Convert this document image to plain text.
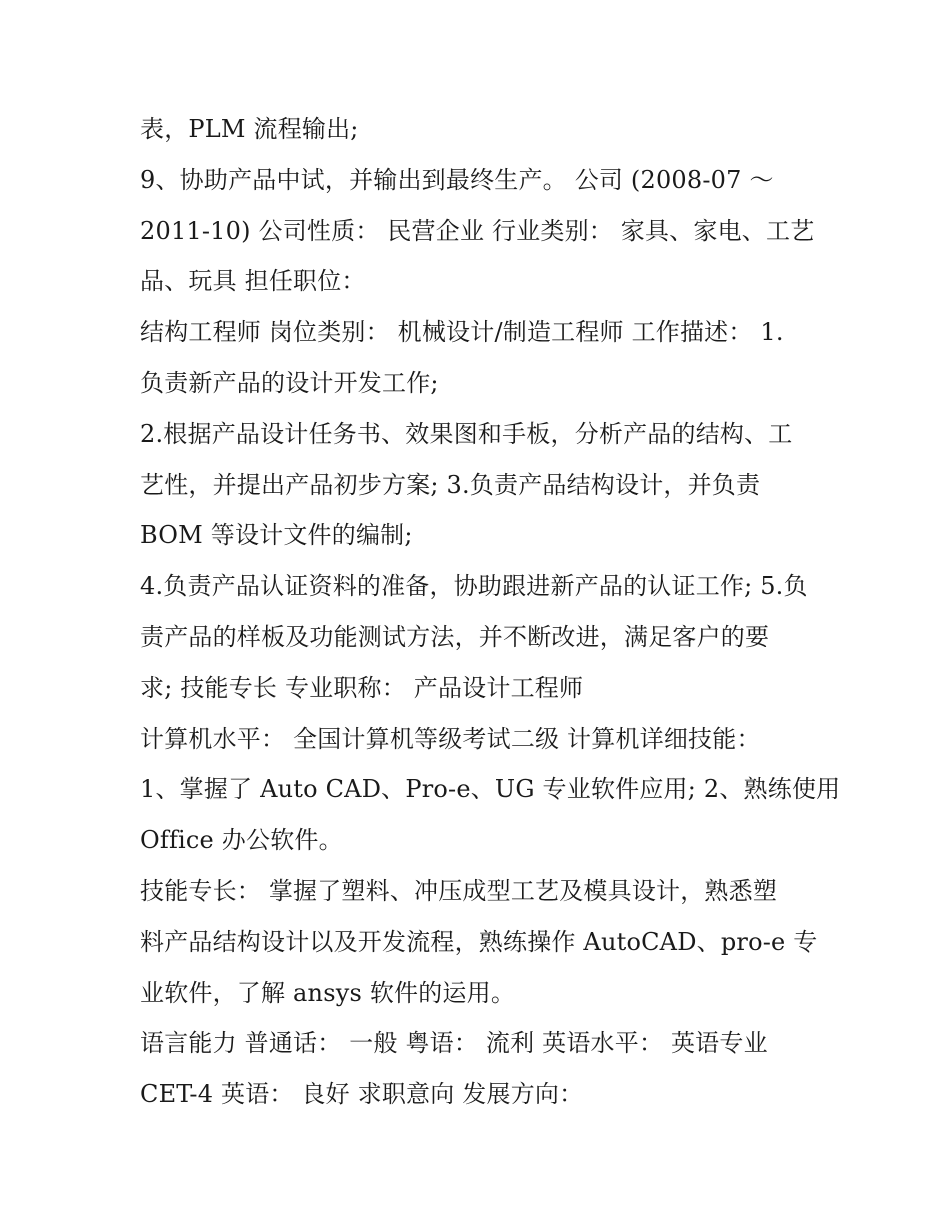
表，PLM 流程输出;
9、协助产品中试，并输出到最终生产。 公司 (2008-07 ～
2011-10) 公司性质： 民营企业 行业类别： 家具、家电、工艺
品、玩具 担任职位：
结构工程师 岗位类别： 机械设计/制造工程师 工作描述： 1.
负责新产品的设计开发工作;
2.根据产品设计任务书、效果图和手板，分析产品的结构、工
艺性，并提出产品初步方案; 3.负责产品结构设计，并负责
BOM 等设计文件的编制;
4.负责产品认证资料的准备，协助跟进新产品的认证工作; 5.负
责产品的样板及功能测试方法，并不断改进，满足客户的要
求; 技能专长 专业职称： 产品设计工程师
计算机水平： 全国计算机等级考试二级 计算机详细技能：
1、掌握了 Auto CAD、Pro-e、UG 专业软件应用; 2、熟练使用
Office 办公软件。
技能专长： 掌握了塑料、冲压成型工艺及模具设计，熟悉塑
料产品结构设计以及开发流程，熟练操作 AutoCAD、pro-e 专
业软件，了解 ansys 软件的运用。
语言能力 普通话： 一般 粤语： 流利 英语水平： 英语专业
CET-4 英语： 良好 求职意向 发展方向：
